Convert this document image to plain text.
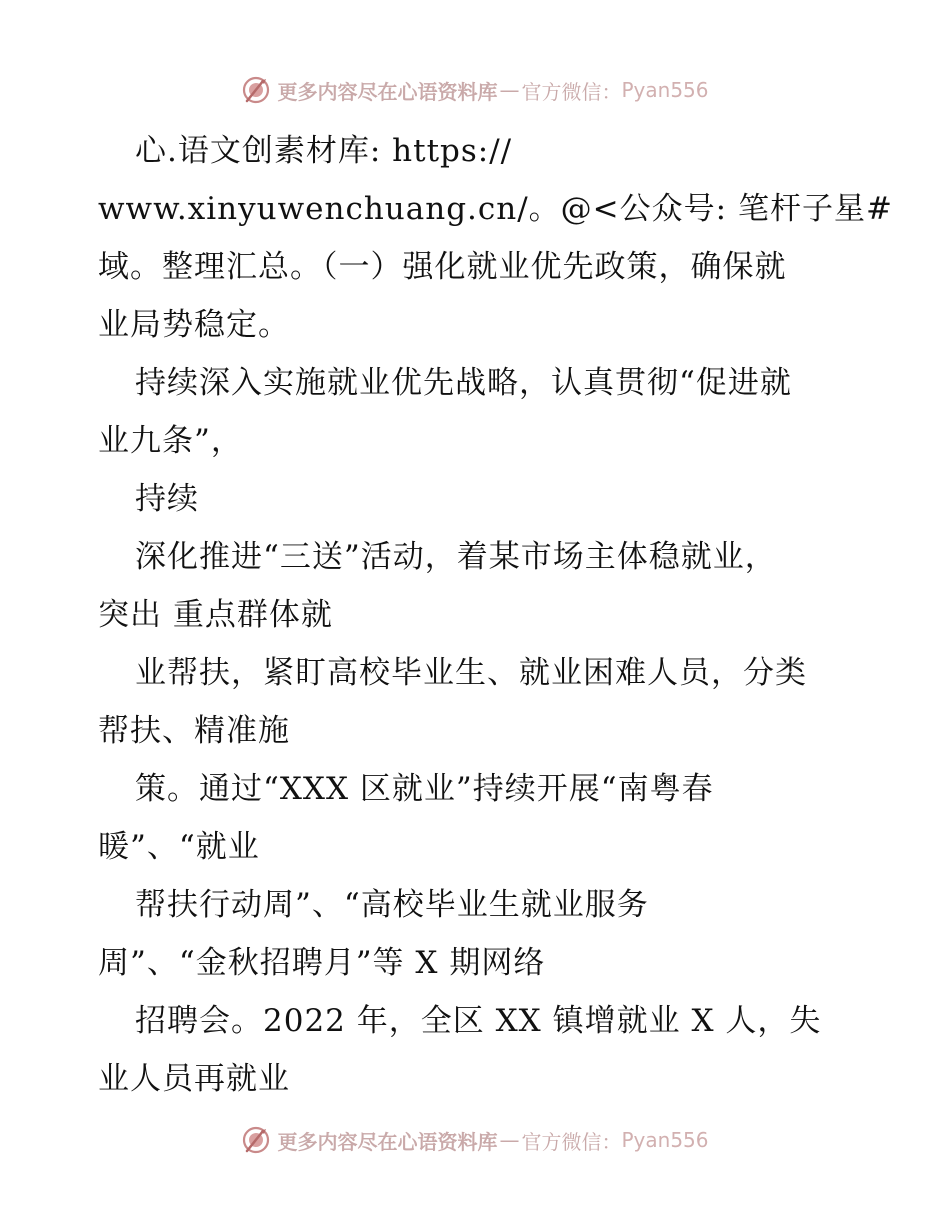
更多内容尽在心语资料库 — 官方微信： Pyan556
心.语文创素材库: https://
www.xinyuwenchuang.cn/。@<公众号: 笔杆子星#
域。整理汇总。（一）强化就业优先政策，确保就
业局势稳定。
持续深入实施就业优先战略，认真贯彻“促进就
业九条”，
持续
深化推进“三送”活动，着某市场主体稳就业，
突出 重点群体就
业帮扶，紧盯高校毕业生、就业困难人员，分类
帮扶、精准施
策。通过“XXX 区就业”持续开展“南粤春
暖”、“就业
帮扶行动周”、“高校毕业生就业服务
周”、“金秋招聘月”等 X 期网络
招聘会。2022 年，全区 XX 镇增就业 X 人，失
业人员再就业
更多内容尽在心语资料库 — 官方微信： Pyan556
